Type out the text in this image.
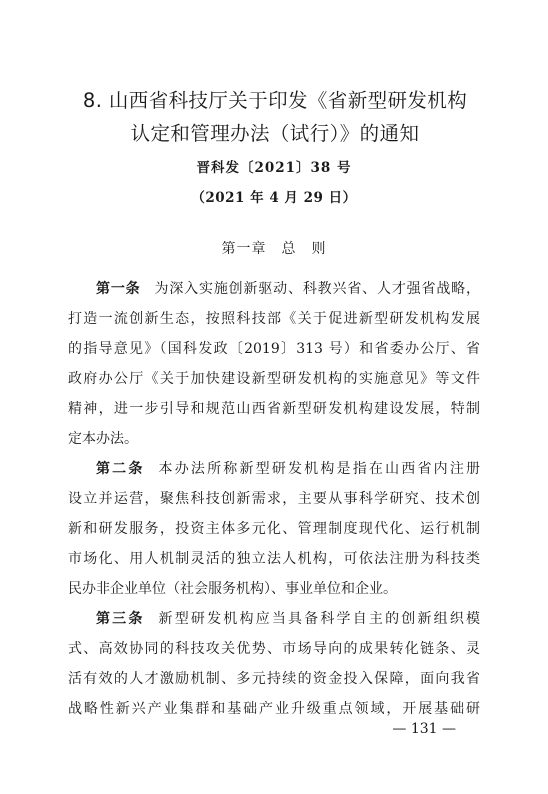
8. 山西省科技厅关于印发《省新型研发机构
认定和管理办法（试行）》的通知
晋科发〔2021〕38 号
（2021 年 4 月 29 日）
第一章　总　则
第一条 为深入实施创新驱动、科教兴省、人才强省战略，
打造一流创新生态，按照科技部《关于促进新型研发机构发展
的指导意见》（国科发政〔2019〕313 号）和省委办公厅、省
政府办公厅《关于加快建设新型研发机构的实施意见》等文件
精神，进一步引导和规范山西省新型研发机构建设发展，特制
定本办法。
第二条 本办法所称新型研发机构是指在山西省内注册
设立并运营，聚焦科技创新需求，主要从事科学研究、技术创
新和研发服务，投资主体多元化、管理制度现代化、运行机制
市场化、用人机制灵活的独立法人机构，可依法注册为科技类
民办非企业单位（社会服务机构）、事业单位和企业。
第三条 新型研发机构应当具备科学自主的创新组织模
式、高效协同的科技攻关优势、市场导向的成果转化链条、灵
活有效的人才激励机制、多元持续的资金投入保障，面向我省
战略性新兴产业集群和基础产业升级重点领域，开展基础研
— 131 —
